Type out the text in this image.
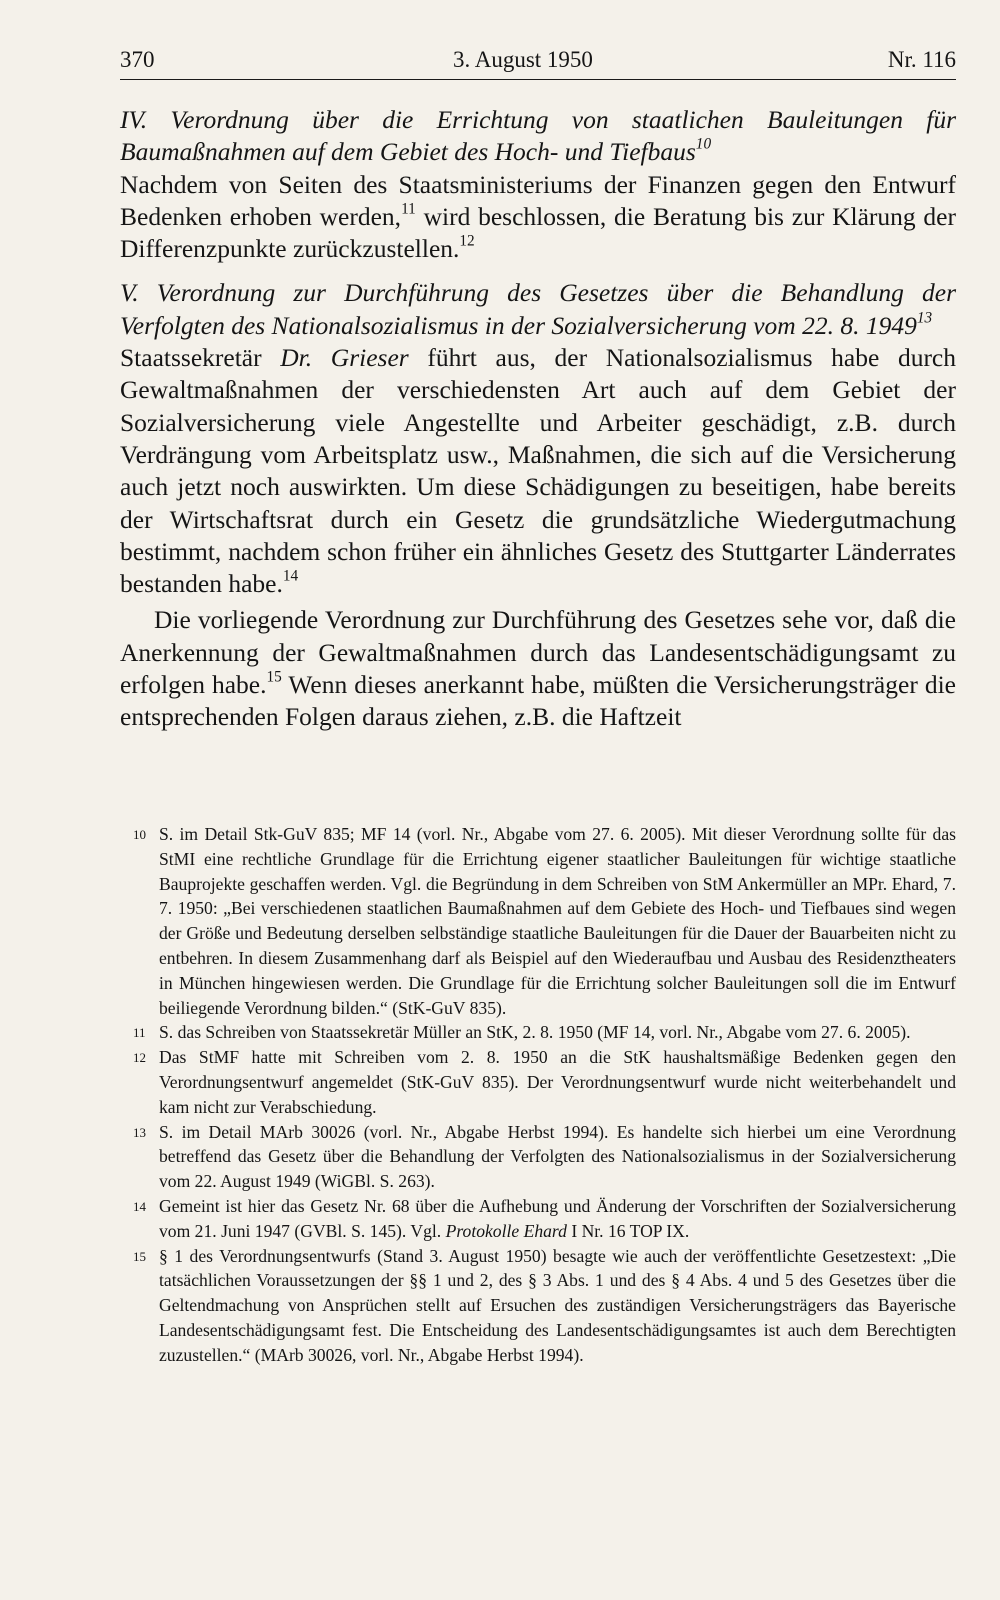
370	3. August 1950	Nr. 116

IV. Verordnung über die Errichtung von staatlichen Bauleitungen für Baumaßnahmen auf dem Gebiet des Hoch- und Tiefbaus$^{10}$

Nachdem von Seiten des Staatsministeriums der Finanzen gegen den Entwurf Bedenken erhoben werden,$^{11}$ wird beschlossen, die Beratung bis zur Klärung der Differenzpunkte zurückzustellen.$^{12}$

V. Verordnung zur Durchführung des Gesetzes über die Behandlung der Verfolgten des Nationalsozialismus in der Sozialversicherung vom 22. 8. 1949$^{13}$

Staatssekretär Dr. Grieser führt aus, der Nationalsozialismus habe durch Gewaltmaßnahmen der verschiedensten Art auch auf dem Gebiet der Sozialversicherung viele Angestellte und Arbeiter geschädigt, z.B. durch Verdrängung vom Arbeitsplatz usw., Maßnahmen, die sich auf die Versicherung auch jetzt noch auswirkten. Um diese Schädigungen zu beseitigen, habe bereits der Wirtschaftsrat durch ein Gesetz die grundsätzliche Wiedergutmachung bestimmt, nachdem schon früher ein ähnliches Gesetz des Stuttgarter Länderrates bestanden habe.$^{14}$

Die vorliegende Verordnung zur Durchführung des Gesetzes sehe vor, daß die Anerkennung der Gewaltmaßnahmen durch das Landesentschädigungsamt zu erfolgen habe.$^{15}$ Wenn dieses anerkannt habe, müßten die Versicherungsträger die entsprechenden Folgen daraus ziehen, z.B. die Haftzeit

10 S. im Detail Stk-GuV 835; MF 14 (vorl. Nr., Abgabe vom 27. 6. 2005). Mit dieser Verordnung sollte für das StMI eine rechtliche Grundlage für die Errichtung eigener staatlicher Bauleitungen für wichtige staatliche Bauprojekte geschaffen werden. Vgl. die Begründung in dem Schreiben von StM Ankermüller an MPr. Ehard, 7. 7. 1950: „Bei verschiedenen staatlichen Baumaßnahmen auf dem Gebiete des Hoch- und Tiefbaues sind wegen der Größe und Bedeutung derselben selbständige staatliche Bauleitungen für die Dauer der Bauarbeiten nicht zu entbehren. In diesem Zusammenhang darf als Beispiel auf den Wiederaufbau und Ausbau des Residenztheaters in München hingewiesen werden. Die Grundlage für die Errichtung solcher Bauleitungen soll die im Entwurf beiliegende Verordnung bilden.“ (StK-GuV 835).
11 S. das Schreiben von Staatssekretär Müller an StK, 2. 8. 1950 (MF 14, vorl. Nr., Abgabe vom 27. 6. 2005).
12 Das StMF hatte mit Schreiben vom 2. 8. 1950 an die StK haushaltsmäßige Bedenken gegen den Verordnungsentwurf angemeldet (StK-GuV 835). Der Verordnungsentwurf wurde nicht weiterbehandelt und kam nicht zur Verabschiedung.
13 S. im Detail MArb 30026 (vorl. Nr., Abgabe Herbst 1994). Es handelte sich hierbei um eine Verordnung betreffend das Gesetz über die Behandlung der Verfolgten des Nationalsozialismus in der Sozialversicherung vom 22. August 1949 (WiGBl. S. 263).
14 Gemeint ist hier das Gesetz Nr. 68 über die Aufhebung und Änderung der Vorschriften der Sozialversicherung vom 21. Juni 1947 (GVBl. S. 145). Vgl. Protokolle Ehard I Nr. 16 TOP IX.
15 § 1 des Verordnungsentwurfs (Stand 3. August 1950) besagte wie auch der veröffentlichte Gesetzestext: „Die tatsächlichen Voraussetzungen der §§ 1 und 2, des § 3 Abs. 1 und des § 4 Abs. 4 und 5 des Gesetzes über die Geltendmachung von Ansprüchen stellt auf Ersuchen des zuständigen Versicherungsträgers das Bayerische Landesentschädigungsamt fest. Die Entscheidung des Landesentschädigungsamtes ist auch dem Berechtigten zuzustellen.“ (MArb 30026, vorl. Nr., Abgabe Herbst 1994).
